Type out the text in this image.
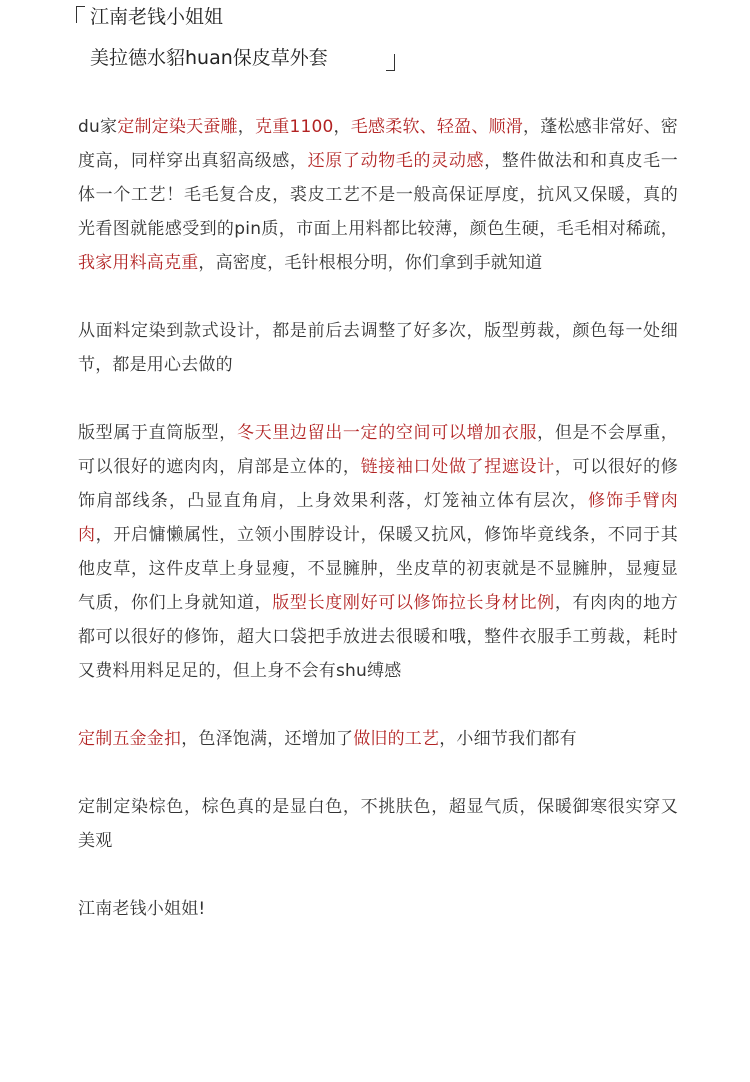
江南老钱小姐姐
美拉德水貂huan保皮草外套

du家定制定染天蚕雕，克重1100，毛感柔软、轻盈、顺滑，蓬松感非常好、密度高，同样穿出真貂高级感，还原了动物毛的灵动感，整件做法和和真皮毛一体一个工艺！毛毛复合皮，裘皮工艺不是一般高保证厚度，抗风又保暖，真的光看图就能感受到的pin质，市面上用料都比较薄，颜色生硬，毛毛相对稀疏，我家用料高克重，高密度，毛针根根分明，你们拿到手就知道

从面料定染到款式设计，都是前后去调整了好多次，版型剪裁，颜色每一处细节，都是用心去做的

版型属于直筒版型，冬天里边留出一定的空间可以增加衣服，但是不会厚重，可以很好的遮肉肉，肩部是立体的，链接袖口处做了捏遮设计，可以很好的修饰肩部线条，凸显直角肩，上身效果利落，灯笼袖立体有层次，修饰手臂肉肉，开启慵懒属性，立领小围脖设计，保暖又抗风，修饰毕竟线条，不同于其他皮草，这件皮草上身显瘦，不显臃肿，坐皮草的初衷就是不显臃肿，显瘦显气质，你们上身就知道，版型长度刚好可以修饰拉长身材比例，有肉肉的地方都可以很好的修饰，超大口袋把手放进去很暖和哦，整件衣服手工剪裁，耗时又费料用料足足的，但上身不会有shu缚感

定制五金金扣，色泽饱满，还增加了做旧的工艺，小细节我们都有

定制定染棕色，棕色真的是显白色，不挑肤色，超显气质，保暖御寒很实穿又美观

江南老钱小姐姐!
